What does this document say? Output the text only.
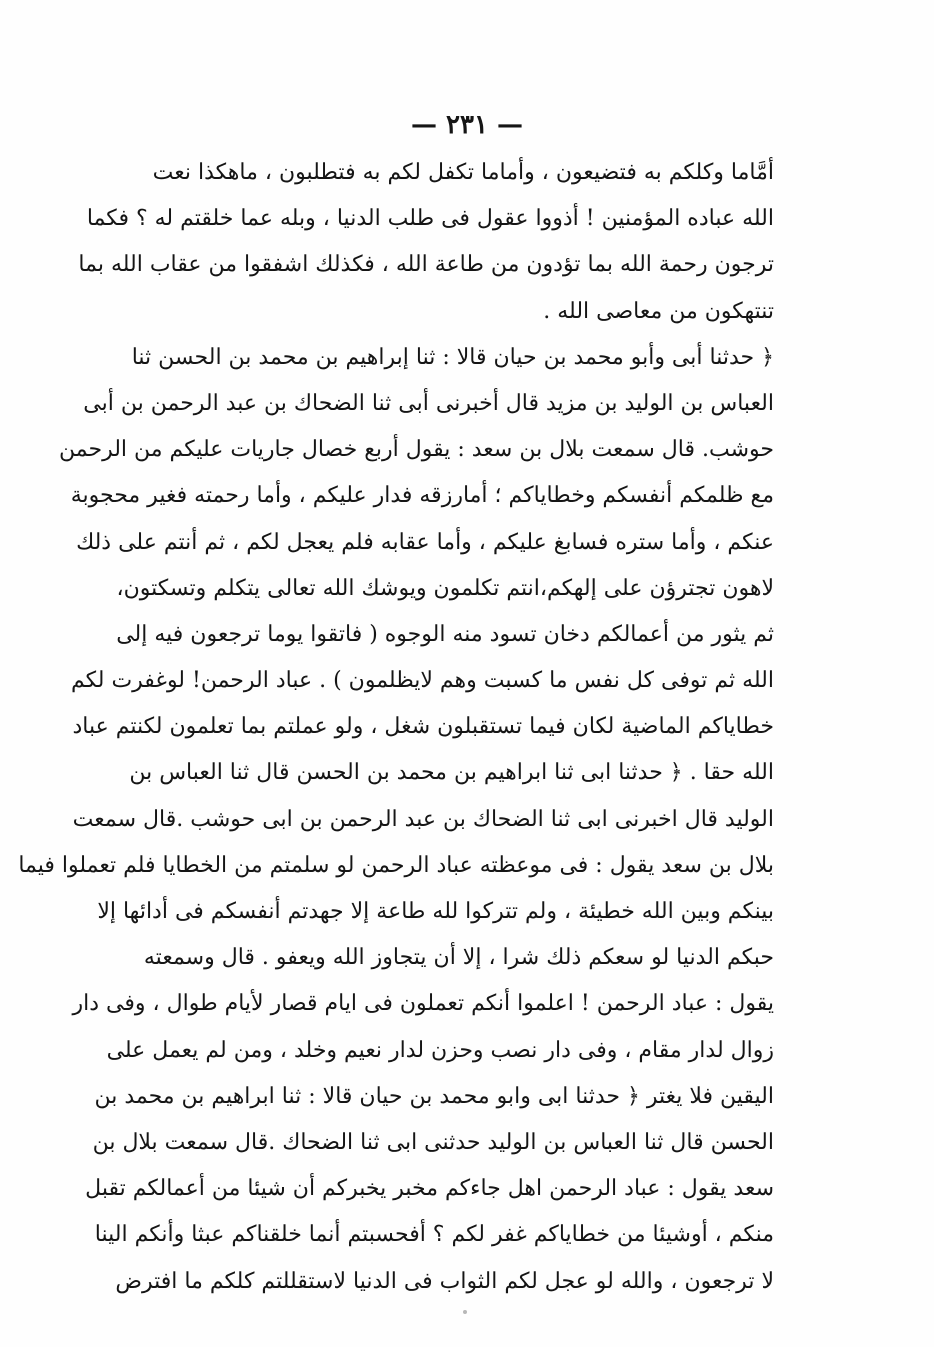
— ٢٣١ —
أمَّاما وكلكم به فتضيعون ، وأماما تكفل لكم به فتطلبون ، ماهكذا نعت
الله عباده المؤمنين ! أذووا عقول فى طلب الدنيا ، وبله عما خلقتم له ؟ فكما
ترجون رحمة الله بما تؤدون من طاعة الله ، فكذلك اشفقوا من عقاب الله بما
تنتهكون من معاصى الله .
﴿ حدثنا أبى وأبو محمد بن حيان قالا : ثنا إبراهيم بن محمد بن الحسن ثنا
العباس بن الوليد بن مزيد قال أخبرنى أبى ثنا الضحاك بن عبد الرحمن بن أبى
حوشب. قال سمعت بلال بن سعد : يقول أربع خصال جاريات عليكم من الرحمن
مع ظلمكم أنفسكم وخطاياكم ؛ أمارزقه فدار عليكم ، وأما رحمته فغير محجوبة
عنكم ، وأما ستره فسابغ عليكم ، وأما عقابه فلم يعجل لكم ، ثم أنتم على ذلك
لاهون تجترؤن على إلهكم،انتم تكلمون ويوشك الله تعالى يتكلم وتسكتون،
ثم يثور من أعمالكم دخان تسود منه الوجوه ( فاتقوا يوما ترجعون فيه إلى
الله ثم توفى كل نفس ما كسبت وهم لايظلمون ) . عباد الرحمن! لوغفرت لكم
خطاياكم الماضية لكان فيما تستقبلون شغل ، ولو عملتم بما تعلمون لكنتم عباد
الله حقا . ﴿ حدثنا ابى ثنا ابراهيم بن محمد بن الحسن قال ثنا العباس بن
الوليد قال اخبرنى ابى ثنا الضحاك بن عبد الرحمن بن ابى حوشب .قال سمعت
بلال بن سعد يقول : فى موعظته عباد الرحمن لو سلمتم من الخطايا فلم تعملوا فيما
بينكم وبين الله خطيئة ، ولم تتركوا لله طاعة إلا جهدتم أنفسكم فى أدائها إلا
حبكم الدنيا لو سعكم ذلك شرا ، إلا أن يتجاوز الله ويعفو . قال وسمعته
يقول : عباد الرحمن ! اعلموا أنكم تعملون فى ايام قصار لأيام طوال ، وفى دار
زوال لدار مقام ، وفى دار نصب وحزن لدار نعيم وخلد ، ومن لم يعمل على
اليقين فلا يغتر ﴿ حدثنا ابى وابو محمد بن حيان قالا : ثنا ابراهيم بن محمد بن
الحسن قال ثنا العباس بن الوليد حدثنى ابى ثنا الضحاك .قال سمعت بلال بن
سعد يقول : عباد الرحمن اهل جاءكم مخبر يخبركم أن شيئا من أعمالكم تقبل
منكم ، أوشيئا من خطاياكم غفر لكم ؟ أفحسبتم أنما خلقناكم عبثا وأنكم الينا
لا ترجعون ، والله لو عجل لكم الثواب فى الدنيا لاستقللتم كلكم ما افترض
